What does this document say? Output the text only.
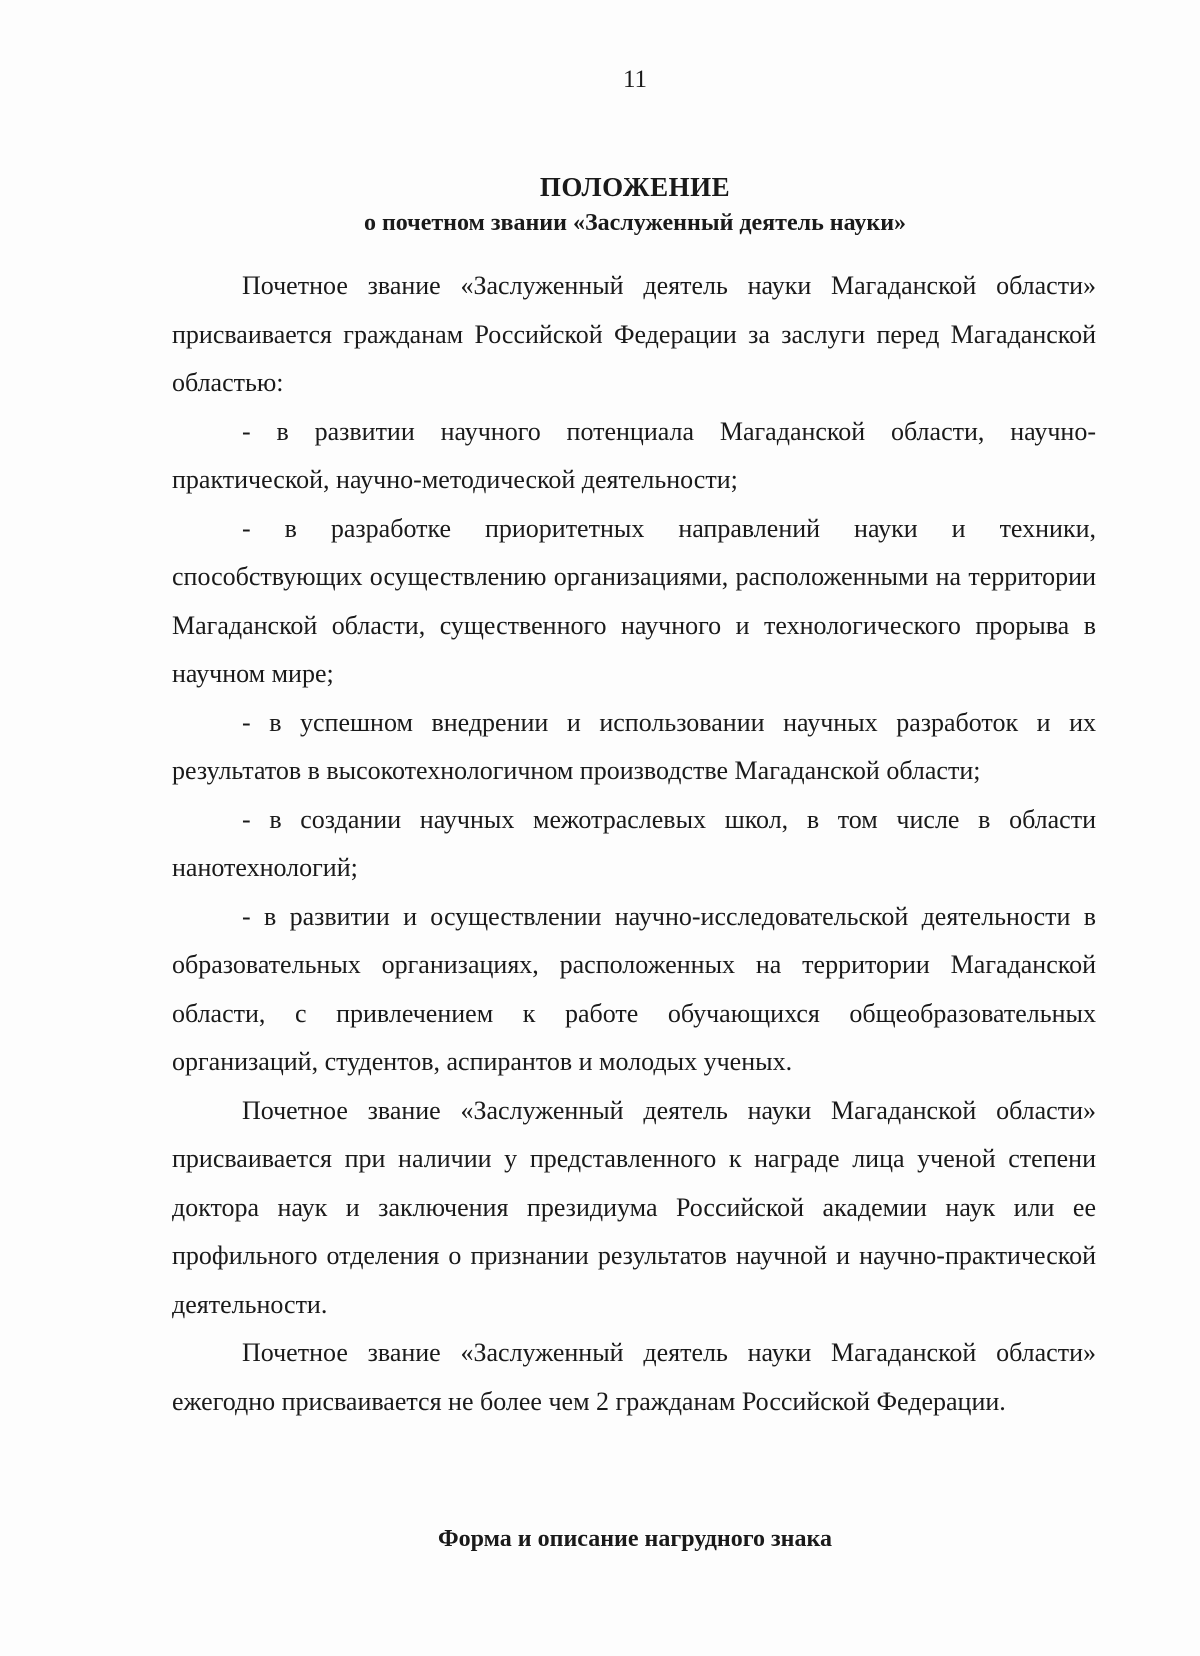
11
ПОЛОЖЕНИЕ
о почетном звании «Заслуженный деятель науки»

Почетное звание «Заслуженный деятель науки Магаданской области» присваивается гражданам Российской Федерации за заслуги перед Магаданской областью:

- в развитии научного потенциала Магаданской области, научно-практической, научно-методической деятельности;

- в разработке приоритетных направлений науки и техники, способствующих осуществлению организациями, расположенными на территории Магаданской области, существенного научного и технологического прорыва в научном мире;

- в успешном внедрении и использовании научных разработок и их результатов в высокотехнологичном производстве Магаданской области;

- в создании научных межотраслевых школ, в том числе в области нанотехнологий;

- в развитии и осуществлении научно-исследовательской деятельности в образовательных организациях, расположенных на территории Магаданской области, с привлечением к работе обучающихся общеобразовательных организаций, студентов, аспирантов и молодых ученых.

Почетное звание «Заслуженный деятель науки Магаданской области» присваивается при наличии у представленного к награде лица ученой степени доктора наук и заключения президиума Российской академии наук или ее профильного отделения о признании результатов научной и научно-практической деятельности.

Почетное звание «Заслуженный деятель науки Магаданской области» ежегодно присваивается не более чем 2 гражданам Российской Федерации.

Форма и описание нагрудного знака
